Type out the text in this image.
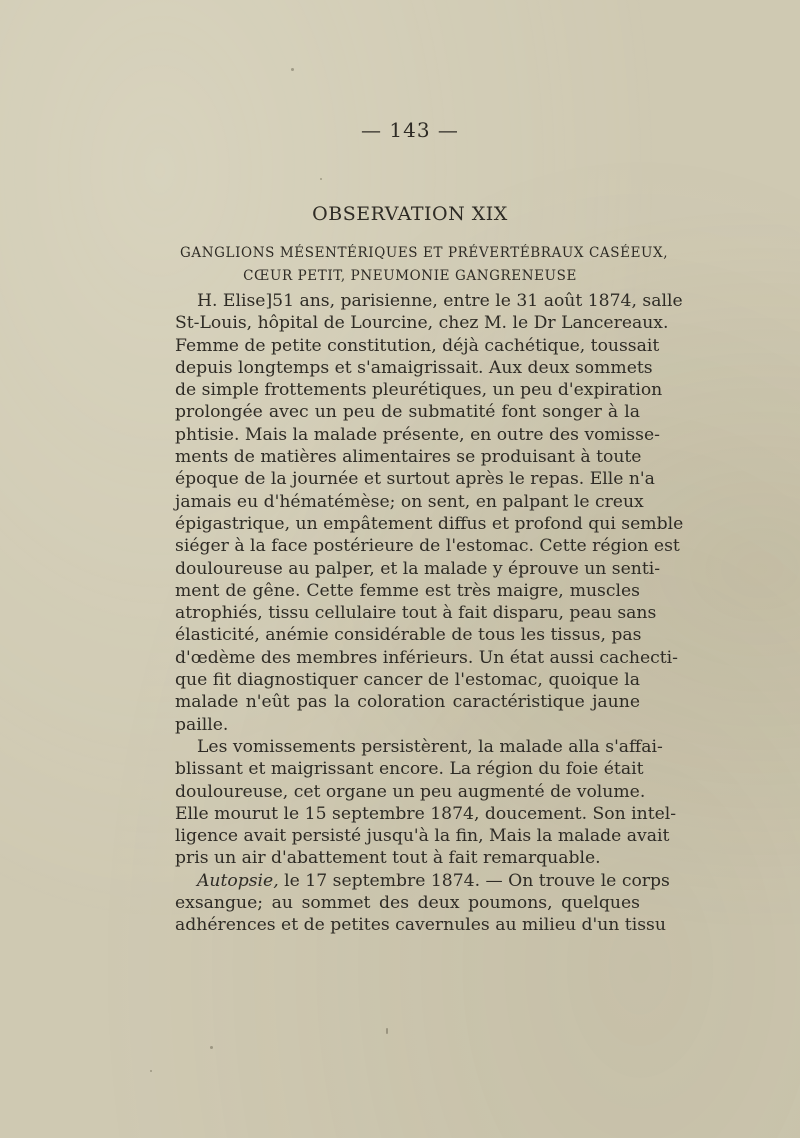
— 143 —
OBSERVATION XIX
GANGLIONS MÉSENTÉRIQUES ET PRÉVERTÉBRAUX CASÉEUX,
CŒUR PETIT, PNEUMONIE GANGRENEUSE
H. Elise]51 ans, parisienne, entre le 31 août 1874, salle
St-Louis, hôpital de Lourcine, chez M. le Dr Lancereaux.
Femme de petite constitution, déjà cachétique, toussait
depuis longtemps et s'amaigrissait. Aux deux sommets
de simple frottements pleurétiques, un peu d'expiration
prolongée avec un peu de submatité font songer à la
phtisie. Mais la malade présente, en outre des vomisse-
ments de matières alimentaires se produisant à toute
époque de la journée et surtout après le repas. Elle n'a
jamais eu d'hématémèse; on sent, en palpant le creux
épigastrique, un empâtement diffus et profond qui semble
siéger à la face postérieure de l'estomac. Cette région est
douloureuse au palper, et la malade y éprouve un senti-
ment de gêne. Cette femme est très maigre, muscles
atrophiés, tissu cellulaire tout à fait disparu, peau sans
élasticité, anémie considérable de tous les tissus, pas
d'œdème des membres inférieurs. Un état aussi cachecti-
que fit diagnostiquer cancer de l'estomac, quoique la
malade n'eût pas la coloration caractéristique jaune
paille.
Les vomissements persistèrent, la malade alla s'affai-
blissant et maigrissant encore. La région du foie était
douloureuse, cet organe un peu augmenté de volume.
Elle mourut le 15 septembre 1874, doucement. Son intel-
ligence avait persisté jusqu'à la fin, Mais la malade avait
pris un air d'abattement tout à fait remarquable.
Autopsie, le 17 septembre 1874. — On trouve le corps
exsangue; au sommet des deux poumons, quelques
adhérences et de petites cavernules au milieu d'un tissu
